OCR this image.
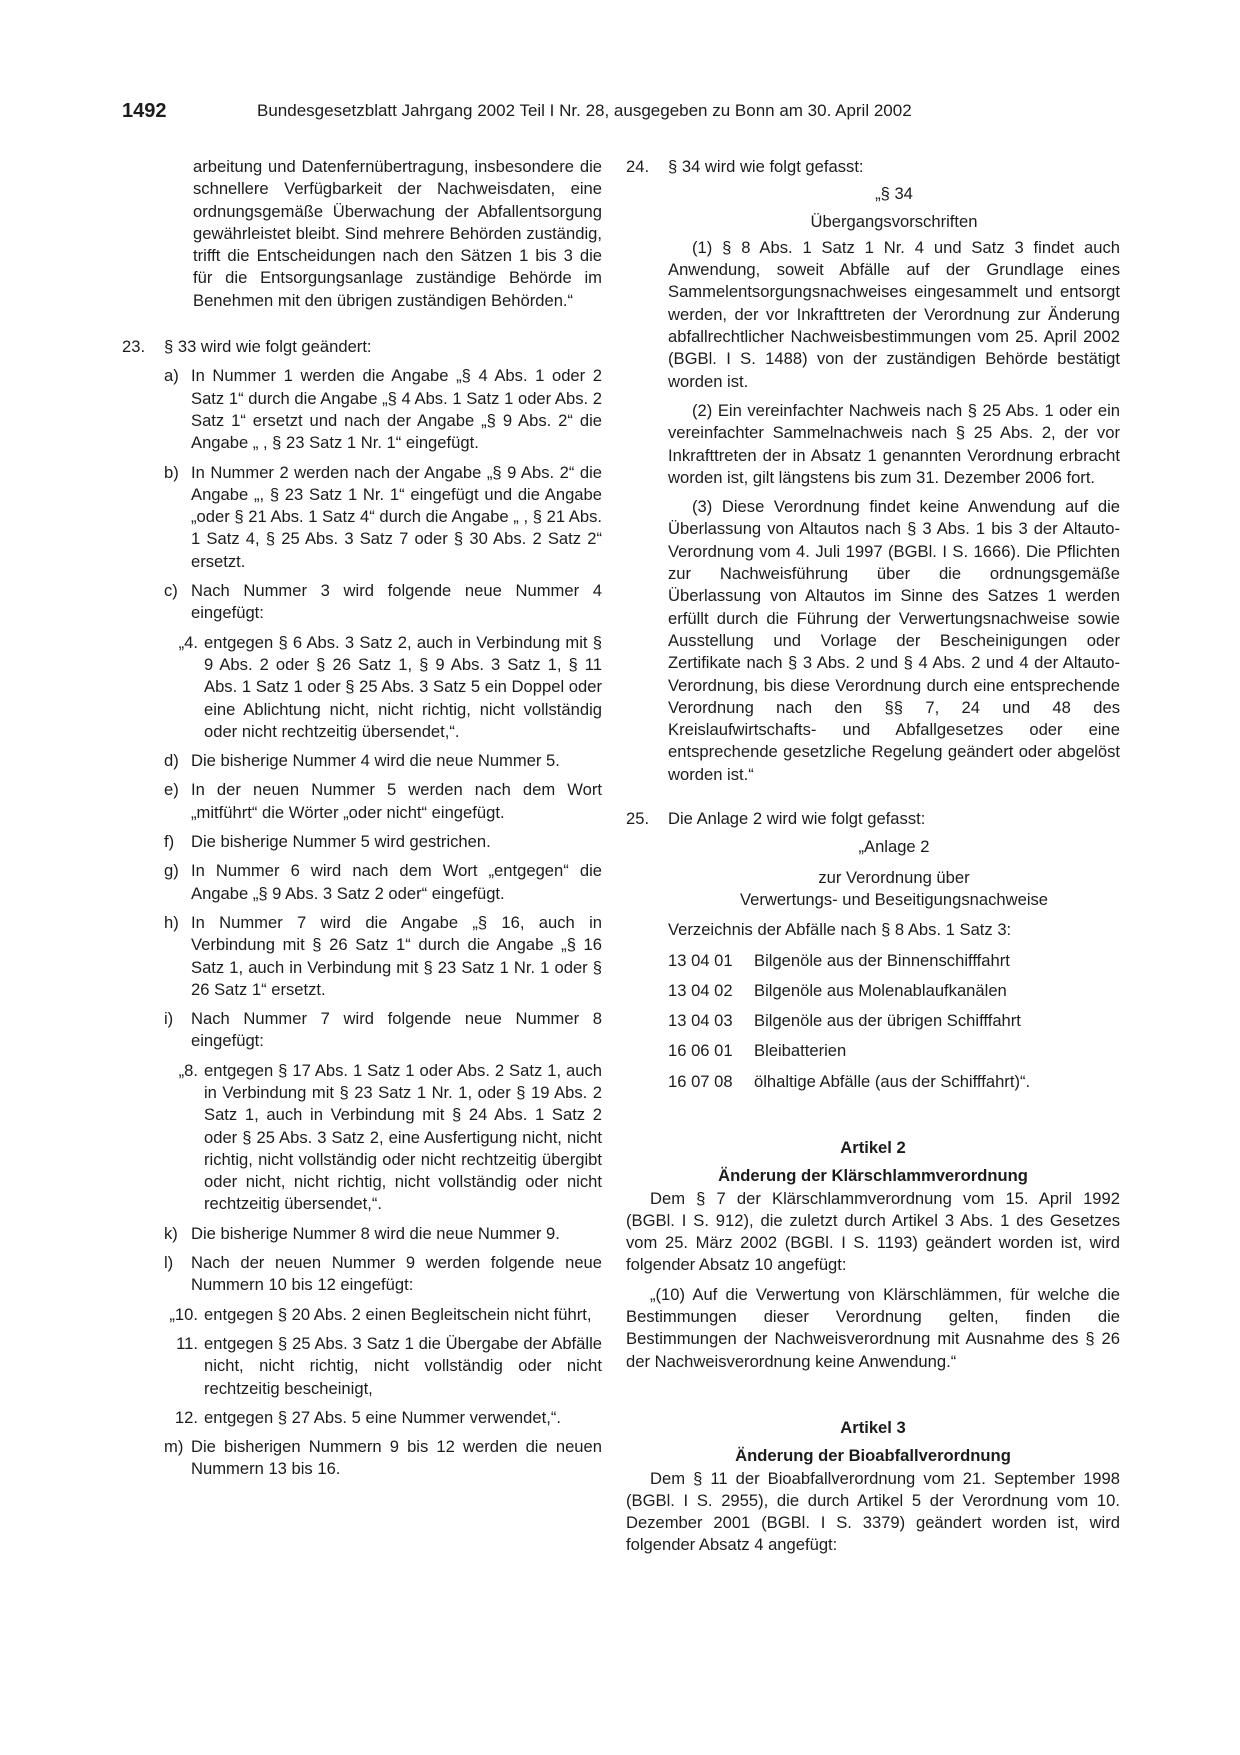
1492	Bundesgesetzblatt Jahrgang 2002 Teil I Nr. 28, ausgegeben zu Bonn am 30. April 2002
arbeitung und Datenfernübertragung, insbesondere die schnellere Verfügbarkeit der Nachweisdaten, eine ordnungsgemäße Überwachung der Abfallentsorgung gewährleistet bleibt. Sind mehrere Behörden zuständig, trifft die Entscheidungen nach den Sätzen 1 bis 3 die für die Entsorgungsanlage zuständige Behörde im Benehmen mit den übrigen zuständigen Behörden.“
23.	§ 33 wird wie folgt geändert:
a) In Nummer 1 werden die Angabe „§ 4 Abs. 1 oder 2 Satz 1“ durch die Angabe „§ 4 Abs. 1 Satz 1 oder Abs. 2 Satz 1“ ersetzt und nach der Angabe „§ 9 Abs. 2“ die Angabe „ , § 23 Satz 1 Nr. 1“ eingefügt.
b) In Nummer 2 werden nach der Angabe „§ 9 Abs. 2“ die Angabe „, § 23 Satz 1 Nr. 1“ eingefügt und die Angabe „oder § 21 Abs. 1 Satz 4“ durch die Angabe „ , § 21 Abs. 1 Satz 4, § 25 Abs. 3 Satz 7 oder § 30 Abs. 2 Satz 2“ ersetzt.
c) Nach Nummer 3 wird folgende neue Nummer 4 eingefügt:
„4. entgegen § 6 Abs. 3 Satz 2, auch in Verbindung mit § 9 Abs. 2 oder § 26 Satz 1, § 9 Abs. 3 Satz 1, § 11 Abs. 1 Satz 1 oder § 25 Abs. 3 Satz 5 ein Doppel oder eine Ablichtung nicht, nicht richtig, nicht vollständig oder nicht rechtzeitig übersendet,“.
d) Die bisherige Nummer 4 wird die neue Nummer 5.
e) In der neuen Nummer 5 werden nach dem Wort „mitführt“ die Wörter „oder nicht“ eingefügt.
f)	Die bisherige Nummer 5 wird gestrichen.
g) In Nummer 6 wird nach dem Wort „entgegen“ die Angabe „§ 9 Abs. 3 Satz 2 oder“ eingefügt.
h) In Nummer 7 wird die Angabe „§ 16, auch in Verbindung mit § 26 Satz 1“ durch die Angabe „§ 16 Satz 1, auch in Verbindung mit § 23 Satz 1 Nr. 1 oder § 26 Satz 1“ ersetzt.
i)	Nach Nummer 7 wird folgende neue Nummer 8 eingefügt:
„8. entgegen § 17 Abs. 1 Satz 1 oder Abs. 2 Satz 1, auch in Verbindung mit § 23 Satz 1 Nr. 1, oder § 19 Abs. 2 Satz 1, auch in Verbindung mit § 24 Abs. 1 Satz 2 oder § 25 Abs. 3 Satz 2, eine Ausfertigung nicht, nicht richtig, nicht vollständig oder nicht rechtzeitig übergibt oder nicht, nicht richtig, nicht vollständig oder nicht rechtzeitig übersendet,“.
k) Die bisherige Nummer 8 wird die neue Nummer 9.
l)	Nach der neuen Nummer 9 werden folgende neue Nummern 10 bis 12 eingefügt:
„10. entgegen § 20 Abs. 2 einen Begleitschein nicht führt,
11. entgegen § 25 Abs. 3 Satz 1 die Übergabe der Abfälle nicht, nicht richtig, nicht vollständig oder nicht rechtzeitig bescheinigt,
12. entgegen § 27 Abs. 5 eine Nummer verwendet,“.
m) Die bisherigen Nummern 9 bis 12 werden die neuen Nummern 13 bis 16.
24.	§ 34 wird wie folgt gefasst:
„§ 34
Übergangsvorschriften

(1) § 8 Abs. 1 Satz 1 Nr. 4 und Satz 3 findet auch Anwendung, soweit Abfälle auf der Grundlage eines Sammelentsorgungsnachweises eingesammelt und entsorgt werden, der vor Inkrafttreten der Verordnung zur Änderung abfallrechtlicher Nachweisbestimmungen vom 25. April 2002 (BGBl. I S. 1488) von der zuständigen Behörde bestätigt worden ist.

(2) Ein vereinfachter Nachweis nach § 25 Abs. 1 oder ein vereinfachter Sammelnachweis nach § 25 Abs. 2, der vor Inkrafttreten der in Absatz 1 genannten Verordnung erbracht worden ist, gilt längstens bis zum 31. Dezember 2006 fort.

(3) Diese Verordnung findet keine Anwendung auf die Überlassung von Altautos nach § 3 Abs. 1 bis 3 der Altauto-Verordnung vom 4. Juli 1997 (BGBl. I S. 1666). Die Pflichten zur Nachweisführung über die ordnungsgemäße Überlassung von Altautos im Sinne des Satzes 1 werden erfüllt durch die Führung der Verwertungsnachweise sowie Ausstellung und Vorlage der Bescheinigungen oder Zertifikate nach § 3 Abs. 2 und § 4 Abs. 2 und 4 der Altauto-Verordnung, bis diese Verordnung durch eine entsprechende Verordnung nach den §§ 7, 24 und 48 des Kreislaufwirtschafts- und Abfallgesetzes oder eine entsprechende gesetzliche Regelung geändert oder abgelöst worden ist.“

25.	Die Anlage 2 wird wie folgt gefasst:
„Anlage 2
zur Verordnung über
Verwertungs- und Beseitigungsnachweise
Verzeichnis der Abfälle nach § 8 Abs. 1 Satz 3:
13 04 01	Bilgenöle aus der Binnenschifffahrt
13 04 02	Bilgenöle aus Molenablaufkanälen
13 04 03	Bilgenöle aus der übrigen Schifffahrt
16 06 01	Bleibatterien
16 07 08	ölhaltige Abfälle (aus der Schifffahrt)“.
Artikel 2
Änderung der Klärschlammverordnung

Dem § 7 der Klärschlammverordnung vom 15. April 1992 (BGBl. I S. 912), die zuletzt durch Artikel 3 Abs. 1 des Gesetzes vom 25. März 2002 (BGBl. I S. 1193) geändert worden ist, wird folgender Absatz 10 angefügt:

„(10) Auf die Verwertung von Klärschlämmen, für welche die Bestimmungen dieser Verordnung gelten, finden die Bestimmungen der Nachweisverordnung mit Ausnahme des § 26 der Nachweisverordnung keine Anwendung.“

Artikel 3
Änderung der Bioabfallverordnung

Dem § 11 der Bioabfallverordnung vom 21. September 1998 (BGBl. I S. 2955), die durch Artikel 5 der Verordnung vom 10. Dezember 2001 (BGBl. I S. 3379) geändert worden ist, wird folgender Absatz 4 angefügt:
